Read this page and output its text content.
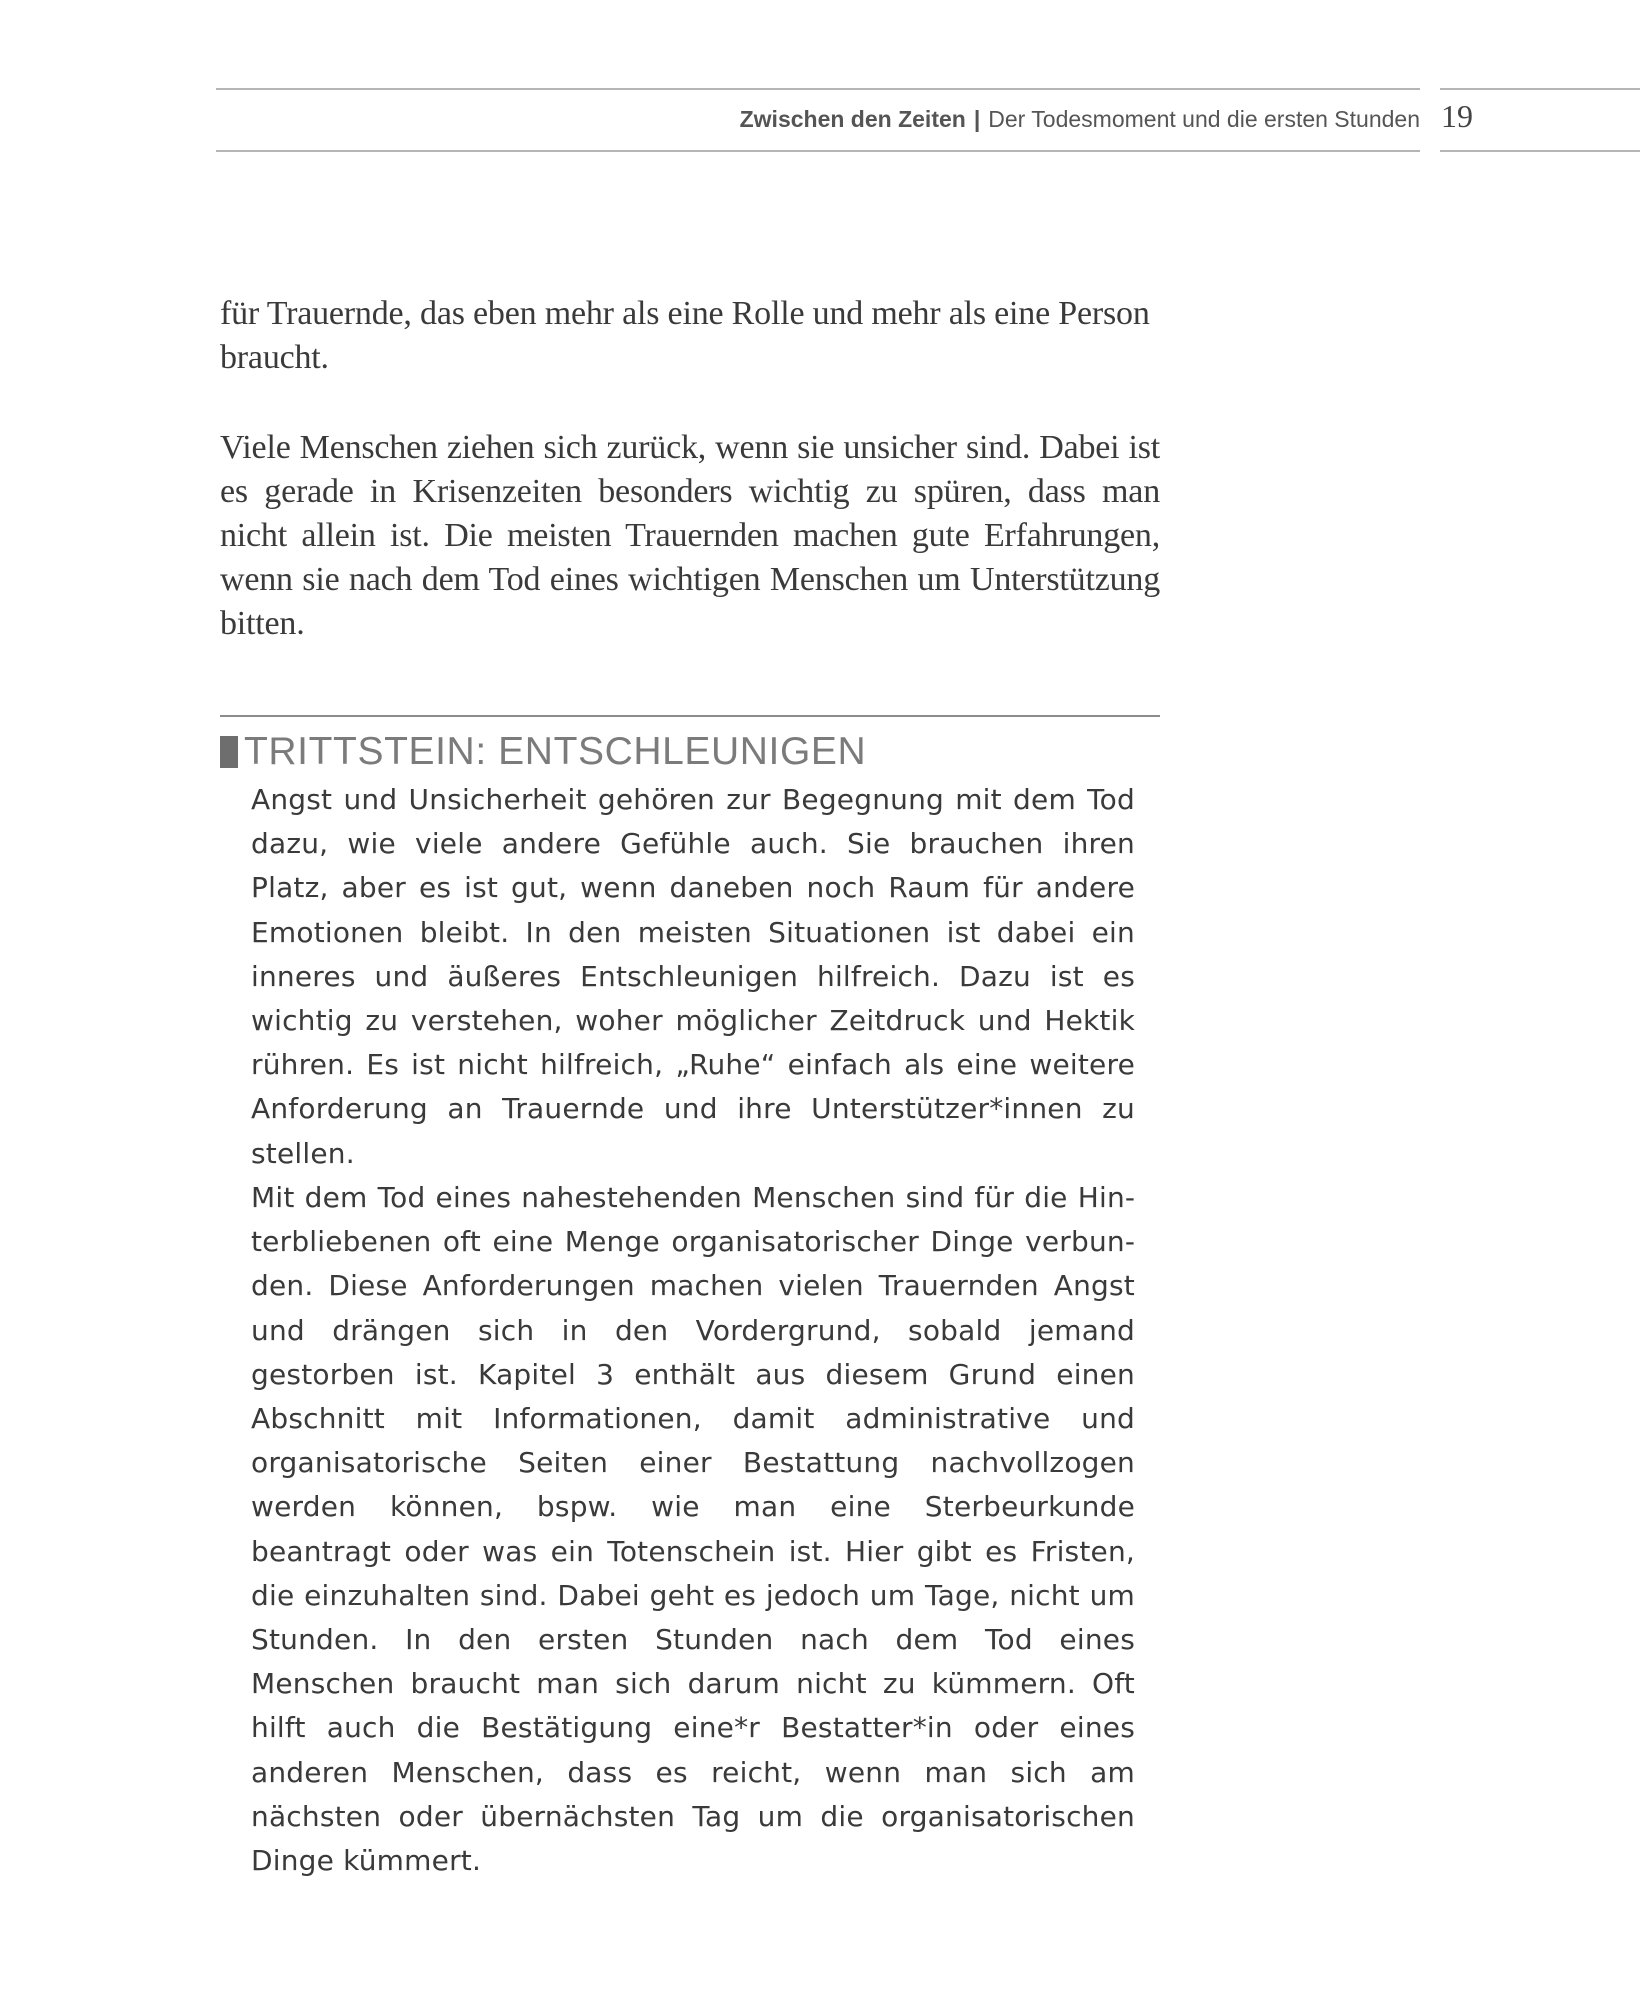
Zwischen den Zeiten | Der Todesmoment und die ersten Stunden 19

für Trauernde, das eben mehr als eine Rolle und mehr als eine Person braucht.

Viele Menschen ziehen sich zurück, wenn sie unsicher sind. Dabei ist es gerade in Krisenzeiten besonders wichtig zu spüren, dass man nicht allein ist. Die meisten Trauernden machen gute Erfahrungen, wenn sie nach dem Tod eines wichtigen Menschen um Unterstützung bitten.

TRITTSTEIN: ENTSCHLEUNIGEN

Angst und Unsicherheit gehören zur Begegnung mit dem Tod dazu, wie viele andere Gefühle auch. Sie brauchen ihren Platz, aber es ist gut, wenn daneben noch Raum für andere Emotionen bleibt. In den meisten Situationen ist dabei ein inneres und äußeres Entschleunigen hilfreich. Dazu ist es wichtig zu verstehen, woher möglicher Zeitdruck und Hektik rühren. Es ist nicht hilfreich, „Ruhe“ einfach als eine weitere Anforderung an Trauernde und ihre Unterstützer*innen zu stellen.

Mit dem Tod eines nahestehenden Menschen sind für die Hinterbliebenen oft eine Menge organisatorischer Dinge verbunden. Diese Anforderungen machen vielen Trauernden Angst und drängen sich in den Vordergrund, sobald jemand gestorben ist. Kapitel 3 enthält aus diesem Grund einen Abschnitt mit Informationen, damit administrative und organisatorische Seiten einer Bestattung nachvollzogen werden können, bspw. wie man eine Sterbeurkunde beantragt oder was ein Totenschein ist. Hier gibt es Fristen, die einzuhalten sind. Dabei geht es jedoch um Tage, nicht um Stunden. In den ersten Stunden nach dem Tod eines Menschen braucht man sich darum nicht zu kümmern. Oft hilft auch die Bestätigung eine*r Bestatter*in oder eines anderen Menschen, dass es reicht, wenn man sich am nächsten oder übernächsten Tag um die organisatorischen Dinge kümmert.
